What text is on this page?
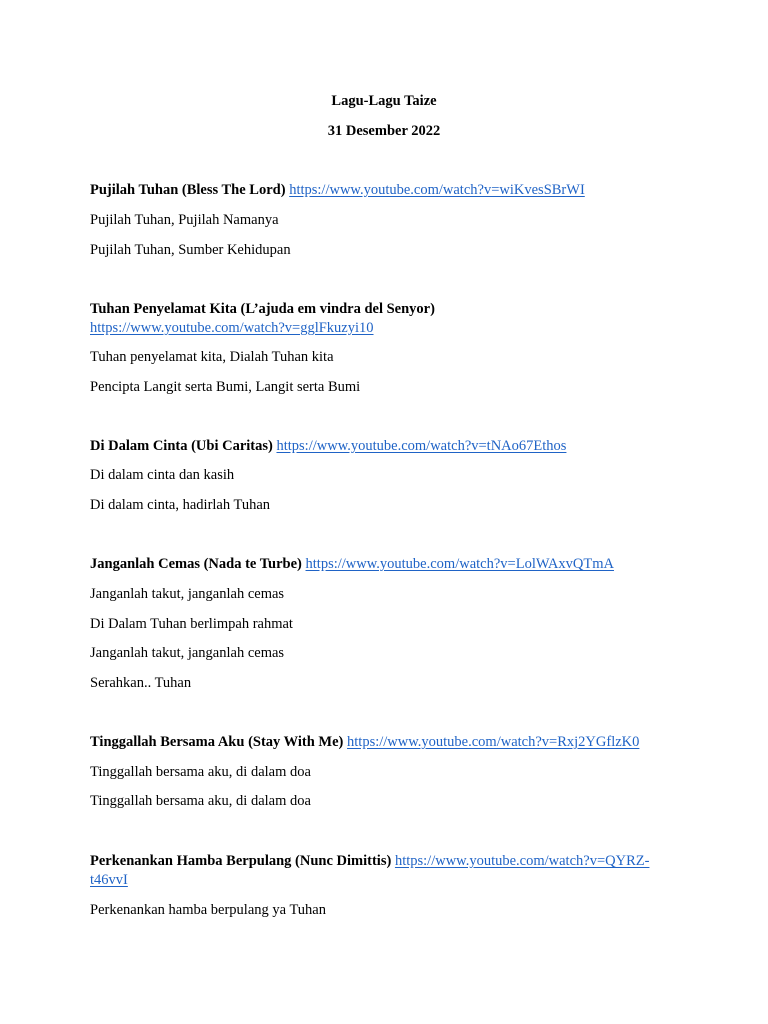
Lagu-Lagu Taize
31 Desember 2022
Pujilah Tuhan (Bless The Lord) https://www.youtube.com/watch?v=wiKvesSBrWI
Pujilah Tuhan, Pujilah Namanya
Pujilah Tuhan, Sumber Kehidupan
Tuhan Penyelamat Kita (L’ajuda em vindra del Senyor) https://www.youtube.com/watch?v=gglFkuzyi10
Tuhan penyelamat kita, Dialah Tuhan kita
Pencipta Langit serta Bumi, Langit serta Bumi
Di Dalam Cinta (Ubi Caritas) https://www.youtube.com/watch?v=tNAo67Ethos
Di dalam cinta dan kasih
Di dalam cinta, hadirlah Tuhan
Janganlah Cemas (Nada te Turbe) https://www.youtube.com/watch?v=LolWAxvQTmA
Janganlah takut, janganlah cemas
Di Dalam Tuhan berlimpah rahmat
Janganlah takut, janganlah cemas
Serahkan.. Tuhan
Tinggallah Bersama Aku (Stay With Me) https://www.youtube.com/watch?v=Rxj2YGflzK0
Tinggallah bersama aku, di dalam doa
Tinggallah bersama aku, di dalam doa
Perkenankan Hamba Berpulang (Nunc Dimittis) https://www.youtube.com/watch?v=QYRZ-t46vvI
Perkenankan hamba berpulang ya Tuhan
